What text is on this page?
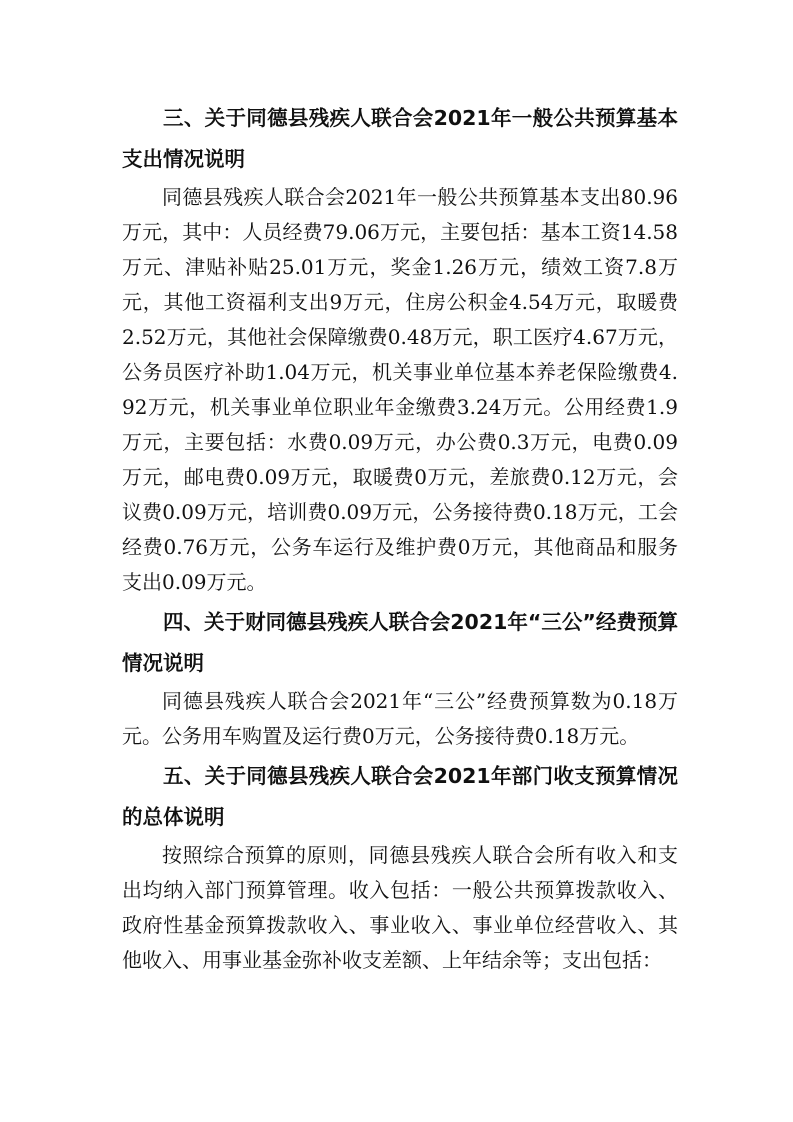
三、关于同德县残疾人联合会2021年一般公共预算基本支出情况说明

同德县残疾人联合会2021年一般公共预算基本支出80.96万元，其中：人员经费79.06万元，主要包括：基本工资14.58万元、津贴补贴25.01万元，奖金1.26万元，绩效工资7.8万元，其他工资福利支出9万元，住房公积金4.54万元，取暖费2.52万元，其他社会保障缴费0.48万元，职工医疗4.67万元，公务员医疗补助1.04万元，机关事业单位基本养老保险缴费4.92万元，机关事业单位职业年金缴费3.24万元。公用经费1.9万元，主要包括：水费0.09万元，办公费0.3万元，电费0.09万元，邮电费0.09万元，取暖费0万元，差旅费0.12万元，会议费0.09万元，培训费0.09万元，公务接待费0.18万元，工会经费0.76万元，公务车运行及维护费0万元，其他商品和服务支出0.09万元。

四、关于财同德县残疾人联合会2021年“三公”经费预算情况说明

同德县残疾人联合会2021年“三公”经费预算数为0.18万元。公务用车购置及运行费0万元，公务接待费0.18万元。

五、关于同德县残疾人联合会2021年部门收支预算情况的总体说明

按照综合预算的原则，同德县残疾人联合会所有收入和支出均纳入部门预算管理。收入包括：一般公共预算拨款收入、政府性基金预算拨款收入、事业收入、事业单位经营收入、其他收入、用事业基金弥补收支差额、上年结余等；支出包括：
